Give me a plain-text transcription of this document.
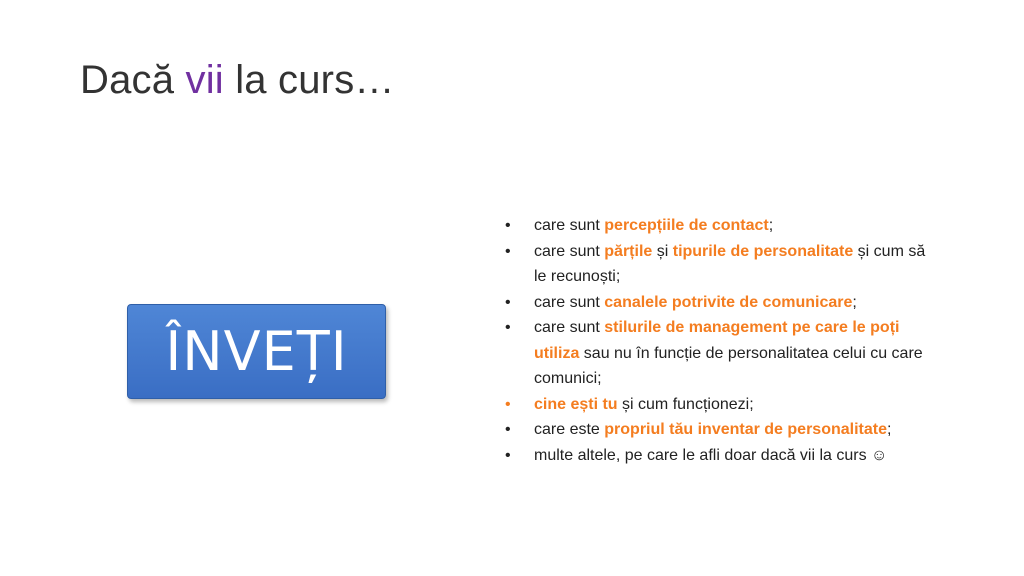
Dacă vii la curs…
ÎNVEȚI
• care sunt percepțiile de contact;
• care sunt părțile și tipurile de personalitate și cum să le recunoști;
• care sunt canalele potrivite de comunicare;
• care sunt stilurile de management pe care le poți utiliza sau nu în funcție de personalitatea celui cu care comunici;
• cine ești tu și cum funcționezi;
• care este propriul tău inventar de personalitate;
• multe altele, pe care le afli doar dacă vii la curs ☺
